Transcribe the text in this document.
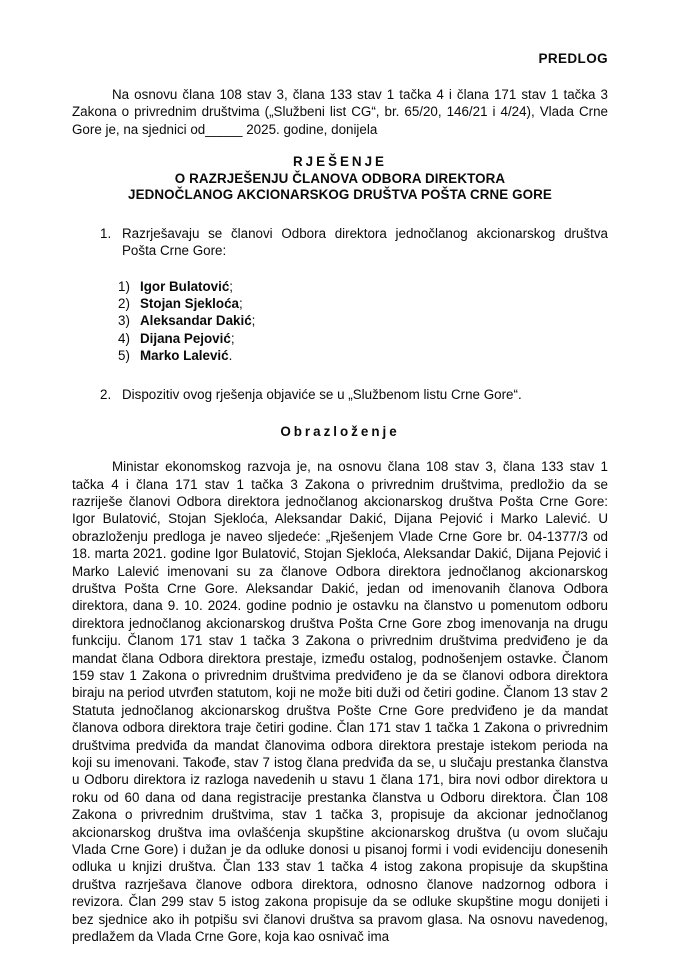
PREDLOG

Na osnovu člana 108 stav 3, člana 133 stav 1 tačka 4 i člana 171 stav 1 tačka 3 Zakona o privrednim društvima („Službeni list CG“, br. 65/20, 146/21 i 4/24), Vlada Crne Gore je, na sjednici od_____ 2025. godine, donijela

RJEŠENJE
O RAZRJEŠENJU ČLANOVA ODBORA DIREKTORA
JEDNOČLANOG AKCIONARSKOG DRUŠTVA POŠTA CRNE GORE
1. Razrješavaju se članovi Odbora direktora jednočlanog akcionarskog društva Pošta Crne Gore:
1) Igor Bulatović;
2) Stojan Sjekloća;
3) Aleksandar Dakić;
4) Dijana Pejović;
5) Marko Lalević.
2. Dispozitiv ovog rješenja objaviće se u „Službenom listu Crne Gore“.
Obrazloženje

Ministar ekonomskog razvoja je, na osnovu člana 108 stav 3, člana 133 stav 1 tačka 4 i člana 171 stav 1 tačka 3 Zakona o privrednim društvima, predložio da se razriješe članovi Odbora direktora jednočlanog akcionarskog društva Pošta Crne Gore: Igor Bulatović, Stojan Sjekloća, Aleksandar Dakić, Dijana Pejović i Marko Lalević. U obrazloženju predloga je naveo sljedeće: „Rješenjem Vlade Crne Gore br. 04-1377/3 od 18. marta 2021. godine Igor Bulatović, Stojan Sjekloća, Aleksandar Dakić, Dijana Pejović i Marko Lalević imenovani su za članove Odbora direktora jednočlanog akcionarskog društva Pošta Crne Gore. Aleksandar Dakić, jedan od imenovanih članova Odbora direktora, dana 9. 10. 2024. godine podnio je ostavku na članstvo u pomenutom odboru direktora jednočlanog akcionarskog društva Pošta Crne Gore zbog imenovanja na drugu funkciju. Članom 171 stav 1 tačka 3 Zakona o privrednim društvima predviđeno je da mandat člana Odbora direktora prestaje, između ostalog, podnošenjem ostavke. Članom 159 stav 1 Zakona o privrednim društvima predviđeno je da se članovi odbora direktora biraju na period utvrđen statutom, koji ne može biti duži od četiri godine. Članom 13 stav 2 Statuta jednočlanog akcionarskog društva Pošte Crne Gore predviđeno je da mandat članova odbora direktora traje četiri godine. Član 171 stav 1 tačka 1 Zakona o privrednim društvima predviđa da mandat članovima odbora direktora prestaje istekom perioda na koji su imenovani. Takođe, stav 7 istog člana predviđa da se, u slučaju prestanka članstva u Odboru direktora iz razloga navedenih u stavu 1 člana 171, bira novi odbor direktora u roku od 60 dana od dana registracije prestanka članstva u Odboru direktora. Član 108 Zakona o privrednim društvima, stav 1 tačka 3, propisuje da akcionar jednočlanog akcionarskog društva ima ovlašćenja skupštine akcionarskog društva (u ovom slučaju Vlada Crne Gore) i dužan je da odluke donosi u pisanoj formi i vodi evidenciju donesenih odluka u knjizi društva. Član 133 stav 1 tačka 4 istog zakona propisuje da skupština društva razrješava članove odbora direktora, odnosno članove nadzornog odbora i revizora. Član 299 stav 5 istog zakona propisuje da se odluke skupštine mogu donijeti i bez sjednice ako ih potpišu svi članovi društva sa pravom glasa. Na osnovu navedenog, predlažem da Vlada Crne Gore, koja kao osnivač ima
